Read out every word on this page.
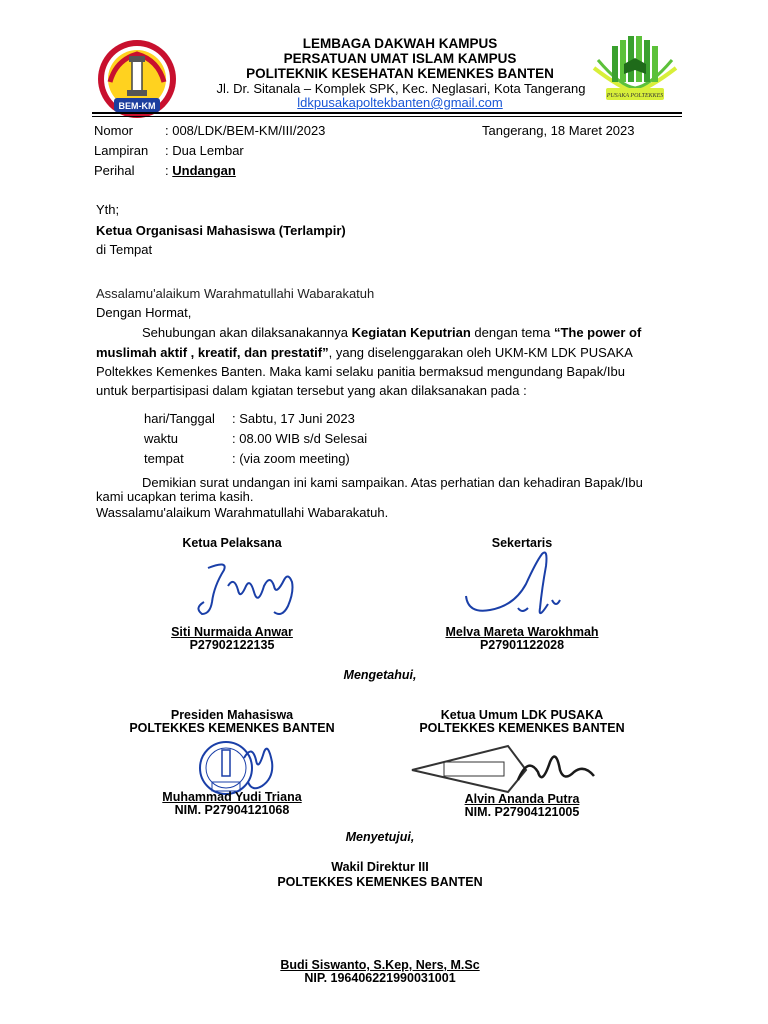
BEM-KM
PUSAKA POLTEKKES
LEMBAGA DAKWAH KAMPUS
PERSATUAN UMAT ISLAM KAMPUS
POLITEKNIK KESEHATAN KEMENKES BANTEN
Jl. Dr. Sitanala – Komplek SPK, Kec. Neglasari, Kota Tangerang
ldkpusakapoltekbanten@gmail.com
Nomor : 008/LDK/BEM-KM/III/2023	Tangerang, 18 Maret 2023
Lampiran : Dua Lembar
Perihal : Undangan
Yth;
Ketua Organisasi Mahasiswa (Terlampir)
di Tempat
Assalamu'alaikum Warahmatullahi Wabarakatuh
Dengan Hormat,
Sehubungan akan dilaksanakannya Kegiatan Keputrian dengan tema “The power of
muslimah aktif , kreatif, dan prestatif”, yang diselenggarakan oleh UKM-KM LDK PUSAKA
Poltekkes Kemenkes Banten. Maka kami selaku panitia bermaksud mengundang Bapak/Ibu
untuk berpartisipasi dalam kgiatan tersebut yang akan dilaksanakan pada :
hari/Tanggal : Sabtu, 17 Juni 2023
waktu	: 08.00 WIB s/d Selesai
tempat	: (via zoom meeting)
Demikian surat undangan ini kami sampaikan. Atas perhatian dan kehadiran Bapak/Ibu
kami ucapkan terima kasih.
Wassalamu'alaikum Warahmatullahi Wabarakatuh.
Ketua Pelaksana	Sekertaris
Siti Nurmaida Anwar
P27902122135
Melva Mareta Warokhmah
P27901122028
Mengetahui,
Presiden Mahasiswa
POLTEKKES KEMENKES BANTEN
Ketua Umum LDK PUSAKA
POLTEKKES KEMENKES BANTEN
Muhammad Yudi Triana
NIM. P27904121068
Alvin Ananda Putra
NIM. P27904121005
Menyetujui,
Wakil Direktur III
POLTEKKES KEMENKES BANTEN
Budi Siswanto, S.Kep, Ners, M.Sc
NIP. 196406221990031001
